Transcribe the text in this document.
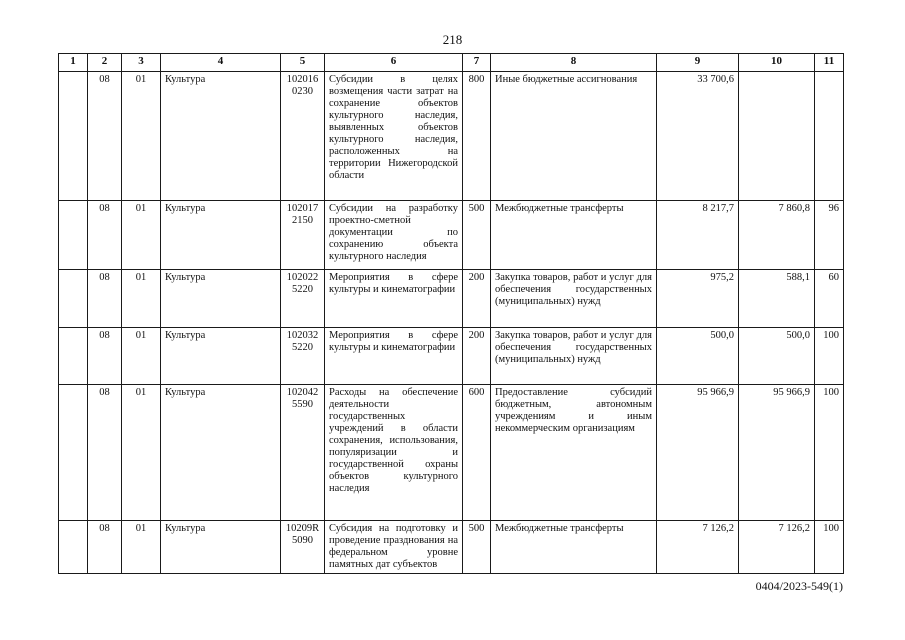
218
1	2	3	4	5	6	7	8	9	10	11
	08	01	Культура	1020160230	Субсидии в целях возмещения части затрат на сохранение объектов культурного наследия, выявленных объектов культурного наследия, расположенных на территории Нижегородской области	800	Иные бюджетные ассигнования	33 700,6		
	08	01	Культура	1020172150	Субсидии на разработку проектно-сметной документации по сохранению объекта культурного наследия	500	Межбюджетные трансферты	8 217,7	7 860,8	96
	08	01	Культура	1020225220	Мероприятия в сфере культуры и кинематографии	200	Закупка товаров, работ и услуг для обеспечения государственных (муниципальных) нужд	975,2	588,1	60
	08	01	Культура	1020325220	Мероприятия в сфере культуры и кинематографии	200	Закупка товаров, работ и услуг для обеспечения государственных (муниципальных) нужд	500,0	500,0	100
	08	01	Культура	1020425590	Расходы на обеспечение деятельности государственных учреждений в области сохранения, использования, популяризации и государственной охраны объектов культурного наследия	600	Предоставление субсидий бюджетным, автономным учреждениям и иным некоммерческим организациям	95 966,9	95 966,9	100
	08	01	Культура	10209R5090	Субсидия на подготовку и проведение празднования на федеральном уровне памятных дат субъектов	500	Межбюджетные трансферты	7 126,2	7 126,2	100
0404/2023-549(1)
